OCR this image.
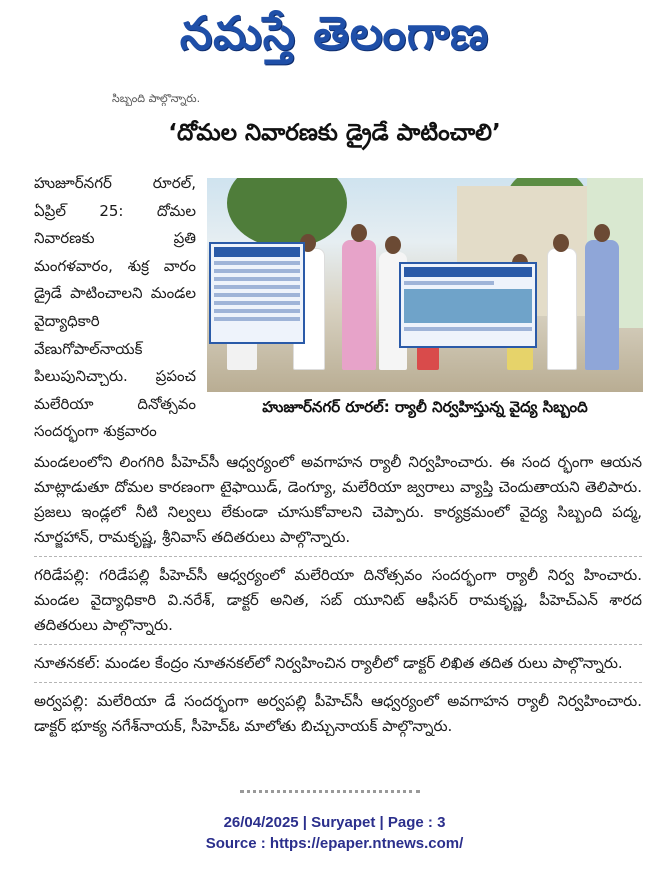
నమస్తే తెలంగాణ
సిబ్బంది పాల్గొన్నారు.
‘దోమల నివారణకు డ్రైడే పాటించాలి’

హుజూర్‌నగర్ రూరల్, ఏప్రిల్ 25: దోమల నివారణకు ప్రతి మంగళవారం, శుక్ర వారం డ్రైడే పాటించాలని మండల వైద్యాధికారి వేణుగోపాల్‌నాయక్ పిలుపునిచ్చారు. ప్రపంచ మలేరియా దినోత్సవం సందర్భంగా శుక్రవారం

హుజూర్‌నగర్ రూరల్: ర్యాలీ నిర్వహిస్తున్న వైద్య సిబ్బంది

మండలంలోని లింగగిరి పీహెచ్‌సీ ఆధ్వర్యంలో అవగాహన ర్యాలీ నిర్వహించారు. ఈ సంద ర్భంగా ఆయన మాట్లాడుతూ దోమల కారణంగా టైఫాయిడ్, డెంగ్యూ, మలేరియా జ్వరాలు వ్యాప్తి చెందుతాయని తెలిపారు. ప్రజలు ఇండ్లలో నీటి నిల్వలు లేకుండా చూసుకోవాలని చెప్పారు. కార్యక్రమంలో వైద్య సిబ్బంది పద్మ, నూర్జహాన్, రామకృష్ణ, శ్రీనివాస్ తదితరులు పాల్గొన్నారు.

గరిడేపల్లి: గరిడేపల్లి పీహెచ్‌సీ ఆధ్వర్యంలో మలేరియా దినోత్సవం సందర్భంగా ర్యాలీ నిర్వ హించారు. మండల వైద్యాధికారి వి.నరేశ్, డాక్టర్ అనిత, సబ్ యూనిట్ ఆఫీసర్ రామకృష్ణ, పీహెచ్‌ఎన్ శారద తదితరులు పాల్గొన్నారు.

నూతనకల్: మండల కేంద్రం నూతనకల్‌లో నిర్వహించిన ర్యాలీలో డాక్టర్ లిఖిత తదిత రులు పాల్గొన్నారు.

అర్వపల్లి: మలేరియా డే సందర్భంగా అర్వపల్లి పీహెచ్‌సీ ఆధ్వర్యంలో అవగాహన ర్యాలీ నిర్వహించారు. డాక్టర్ భూక్య నగేశ్‌నాయక్, సీహెచ్‌ఓ మాలోతు బిచ్చునాయక్ పాల్గొన్నారు.

26/04/2025 | Suryapet | Page : 3
Source : https://epaper.ntnews.com/
